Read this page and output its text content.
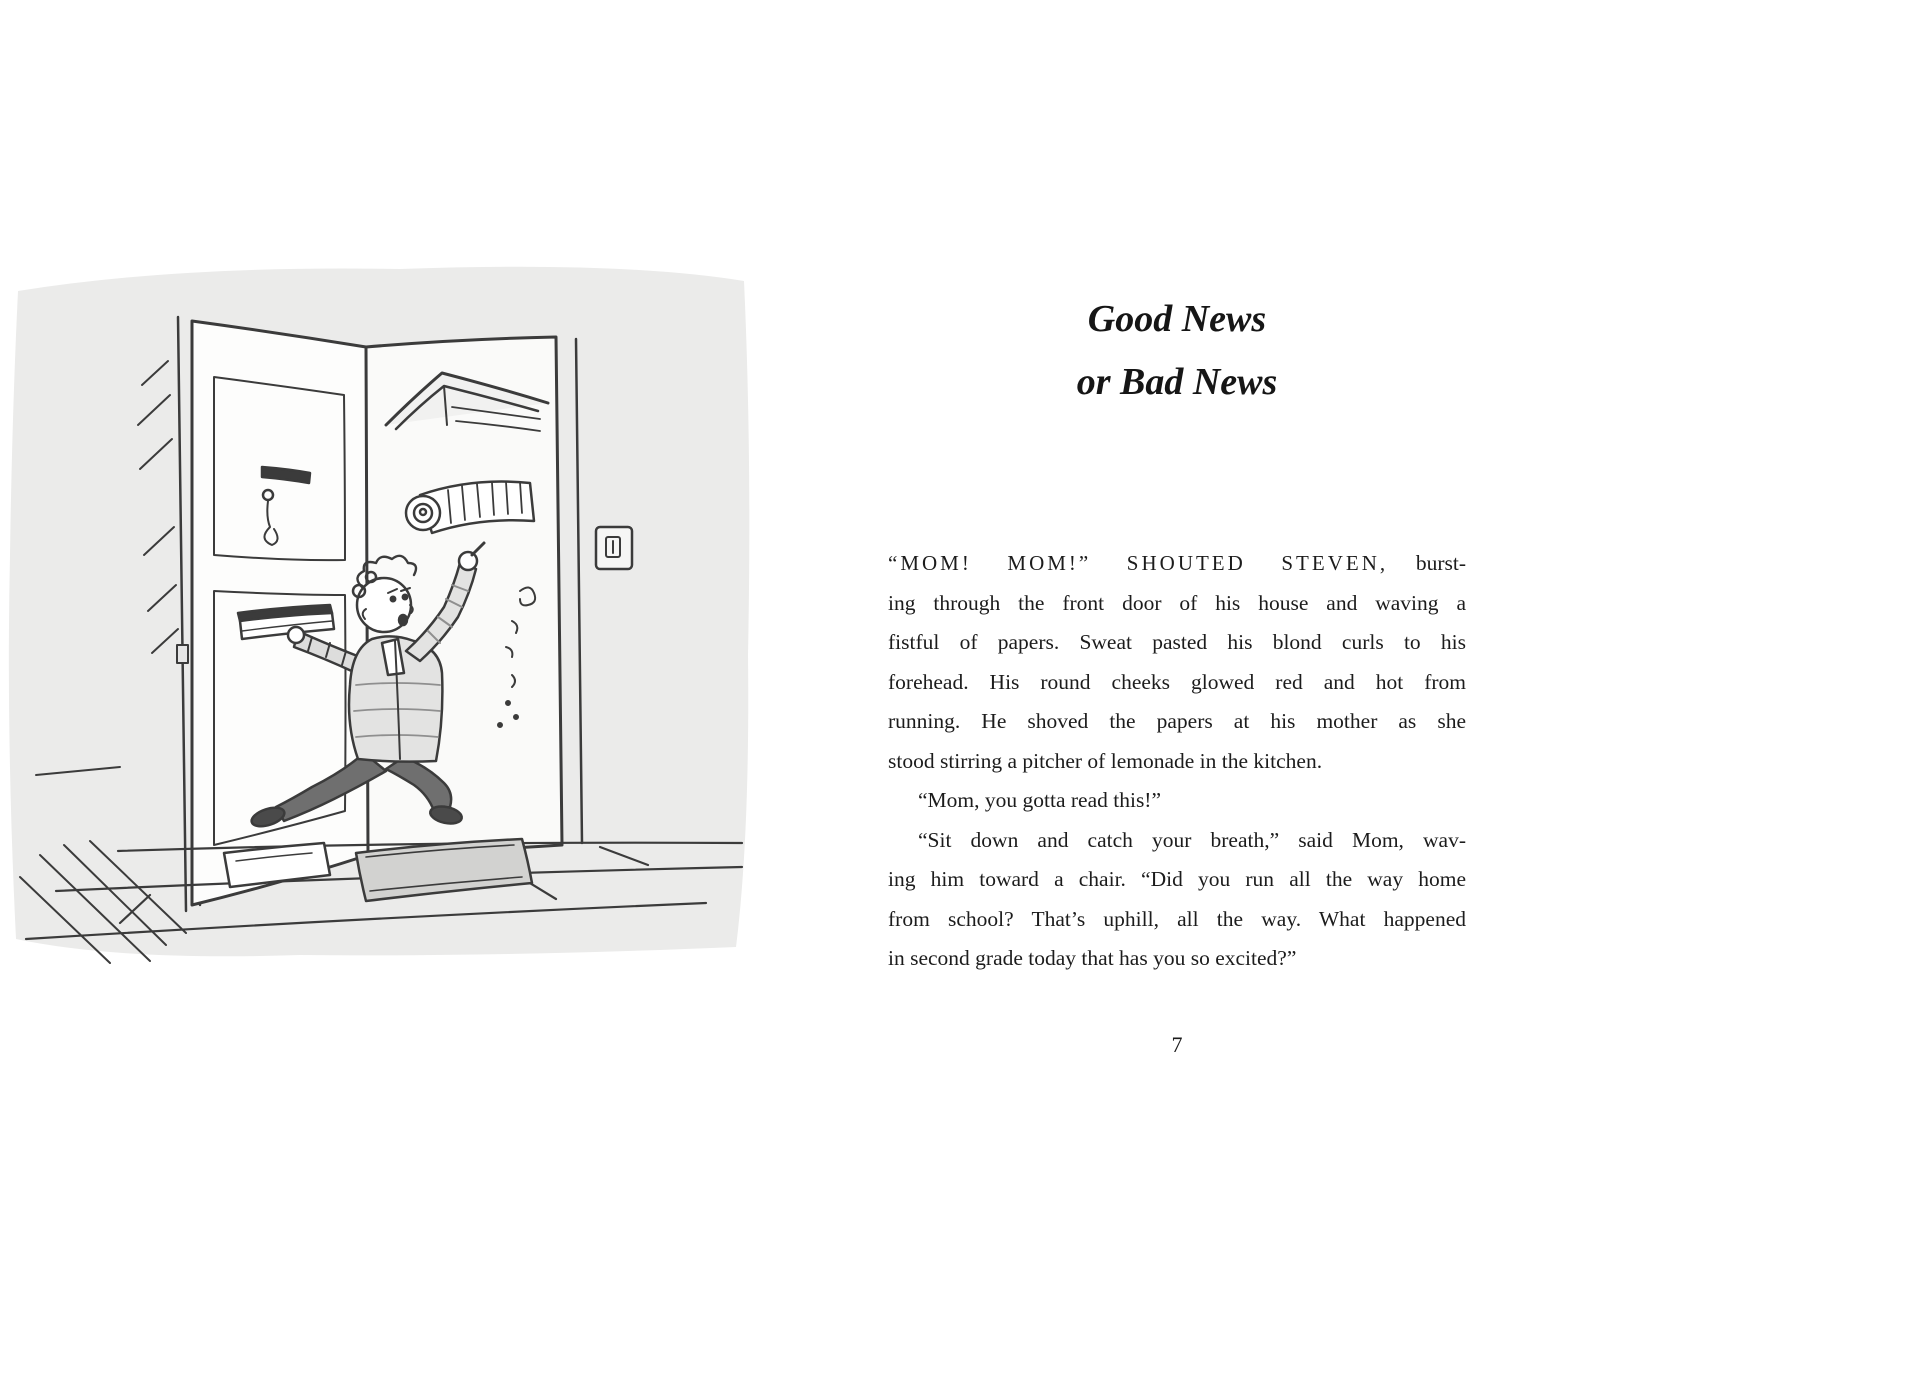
Good News
or Bad News
“MOM! MOM!” SHOUTED STEVEN, burst-
ing through the front door of his house and waving a
fistful of papers. Sweat pasted his blond curls to his
forehead. His round cheeks glowed red and hot from
running. He shoved the papers at his mother as she
stood stirring a pitcher of lemonade in the kitchen.
“Mom, you gotta read this!”
“Sit down and catch your breath,” said Mom, wav-
ing him toward a chair. “Did you run all the way home
from school? That’s uphill, all the way. What happened
in second grade today that has you so excited?”
7
